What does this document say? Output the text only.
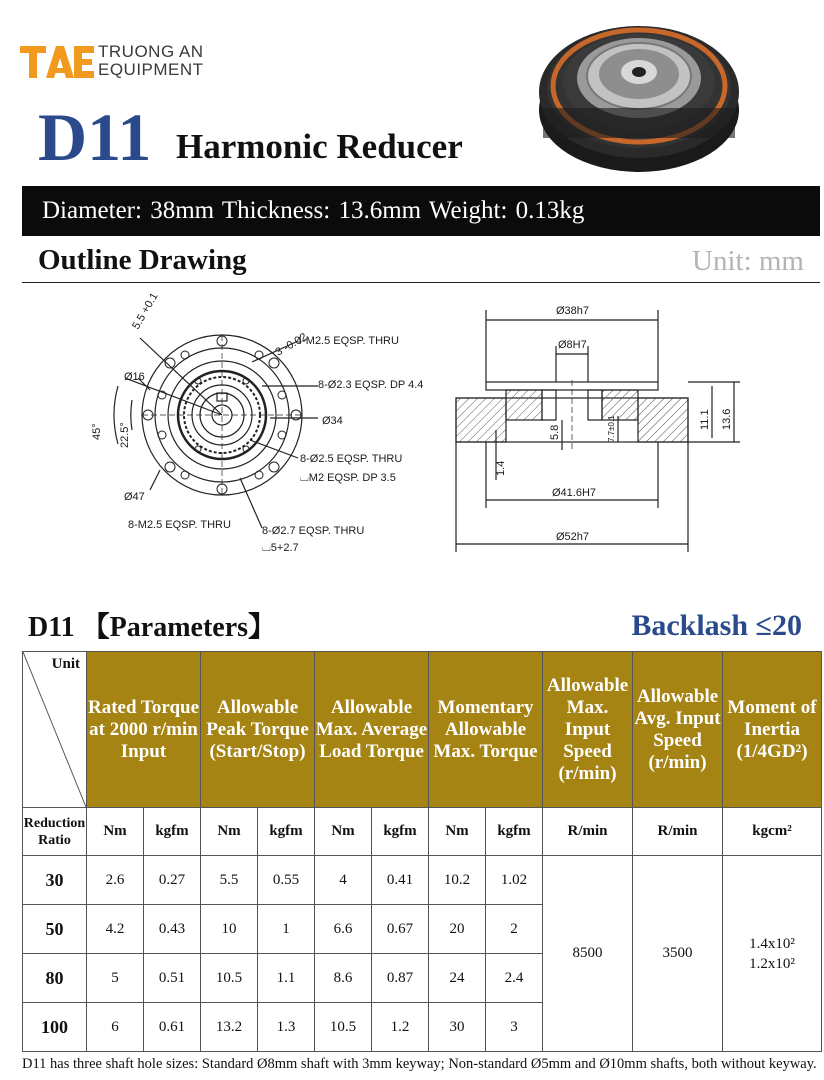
TRUONG AN
EQUIPMENT
D11 Harmonic Reducer
Diameter: 38mm Thickness: 13.6mm Weight: 0.13kg
Outline Drawing	Unit: mm
4-M2.5 EQSP. THRU
8-Ø2.3 EQSP. DP 4.4
Ø34
8-Ø2.5 EQSP. THRU
⌴M2 EQSP. DP 3.5
8-Ø2.7 EQSP. THRU
⌴5+2.7
8-M2.5 EQSP. THRU
Ø16
Ø47
45° 22.5°
5.5 +0.1
3 -0.02
Ø38h7
Ø8H7
Ø41.6H7
Ø52h7
5.8
1.4
11.1 13.6
7.7±0.1
D11 【Parameters】	Backlash ≤20
Unit	Rated Torque at 2000 r/min Input		Allowable Peak Torque (Start/Stop)		Allowable Max. Average Load Torque		Momentary Allowable Max. Torque		Allowable Max. Input Speed (r/min)	Allowable Avg. Input Speed (r/min)	Moment of Inertia (1/4GD²)
Reduction Ratio	Nm	kgfm	Nm	kgfm	Nm	kgfm	Nm	kgfm	R/min	R/min	kgcm²
30	2.6	0.27	5.5	0.55	4	0.41	10.2	1.02	8500	3500	1.4x10²
1.2x10²

50	4.2	0.43	10	1	6.6	0.67	20	2			
80	5	0.51	10.5	1.1	8.6	0.87	24	2.4			
100	6	0.61	13.2	1.3	10.5	1.2	30	3			
D11 has three shaft hole sizes: Standard Ø8mm shaft with 3mm keyway; Non-standard Ø5mm and Ø10mm shafts, both without keyway.
